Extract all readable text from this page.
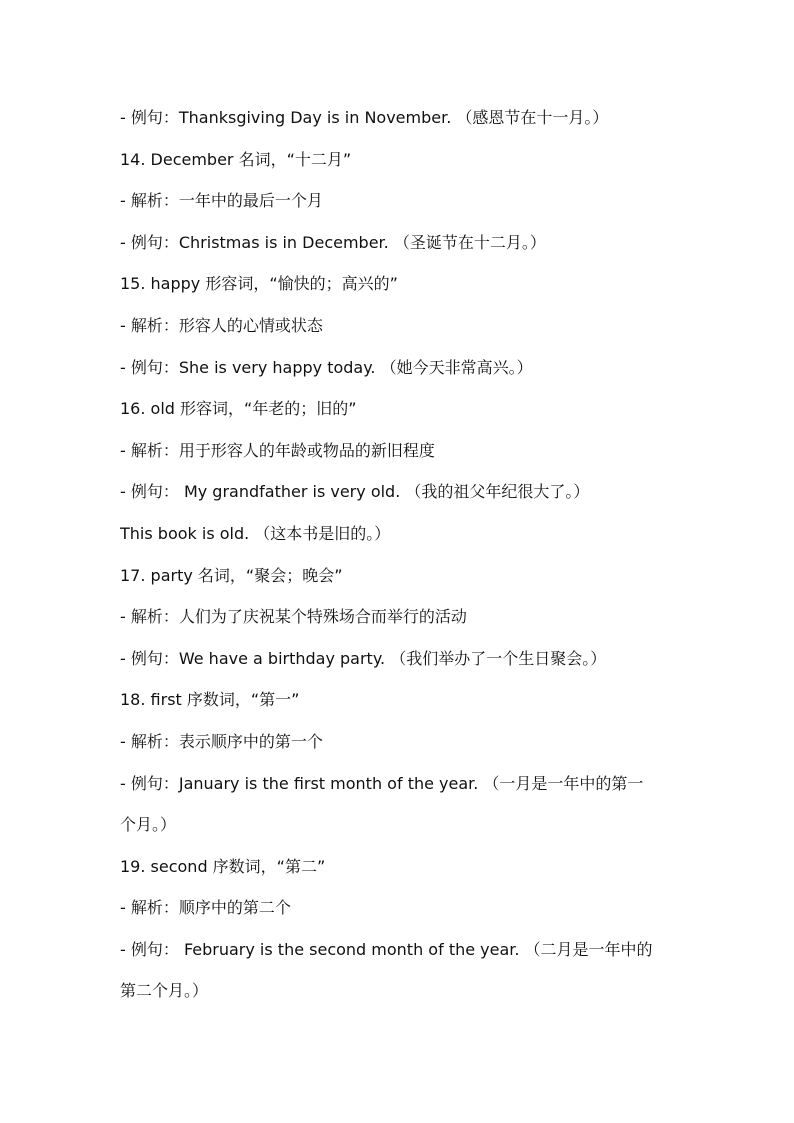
- 例句：Thanksgiving Day is in November. （感恩节在十一月。）
14. December 名词，“十二月”
- 解析：一年中的最后一个月
- 例句：Christmas is in December. （圣诞节在十二月。）
15. happy 形容词，“愉快的；高兴的”
- 解析：形容人的心情或状态
- 例句：She is very happy today. （她今天非常高兴。）
16. old 形容词，“年老的；旧的”
- 解析：用于形容人的年龄或物品的新旧程度
- 例句： My grandfather is very old. （我的祖父年纪很大了。）
This book is old. （这本书是旧的。）
17. party 名词，“聚会；晚会”
- 解析：人们为了庆祝某个特殊场合而举行的活动
- 例句：We have a birthday party. （我们举办了一个生日聚会。）
18. first 序数词，“第一”
- 解析：表示顺序中的第一个
- 例句：January is the first month of the year. （一月是一年中的第一
个月。）
19. second 序数词，“第二”
- 解析：顺序中的第二个
- 例句： February is the second month of the year. （二月是一年中的
第二个月。）
